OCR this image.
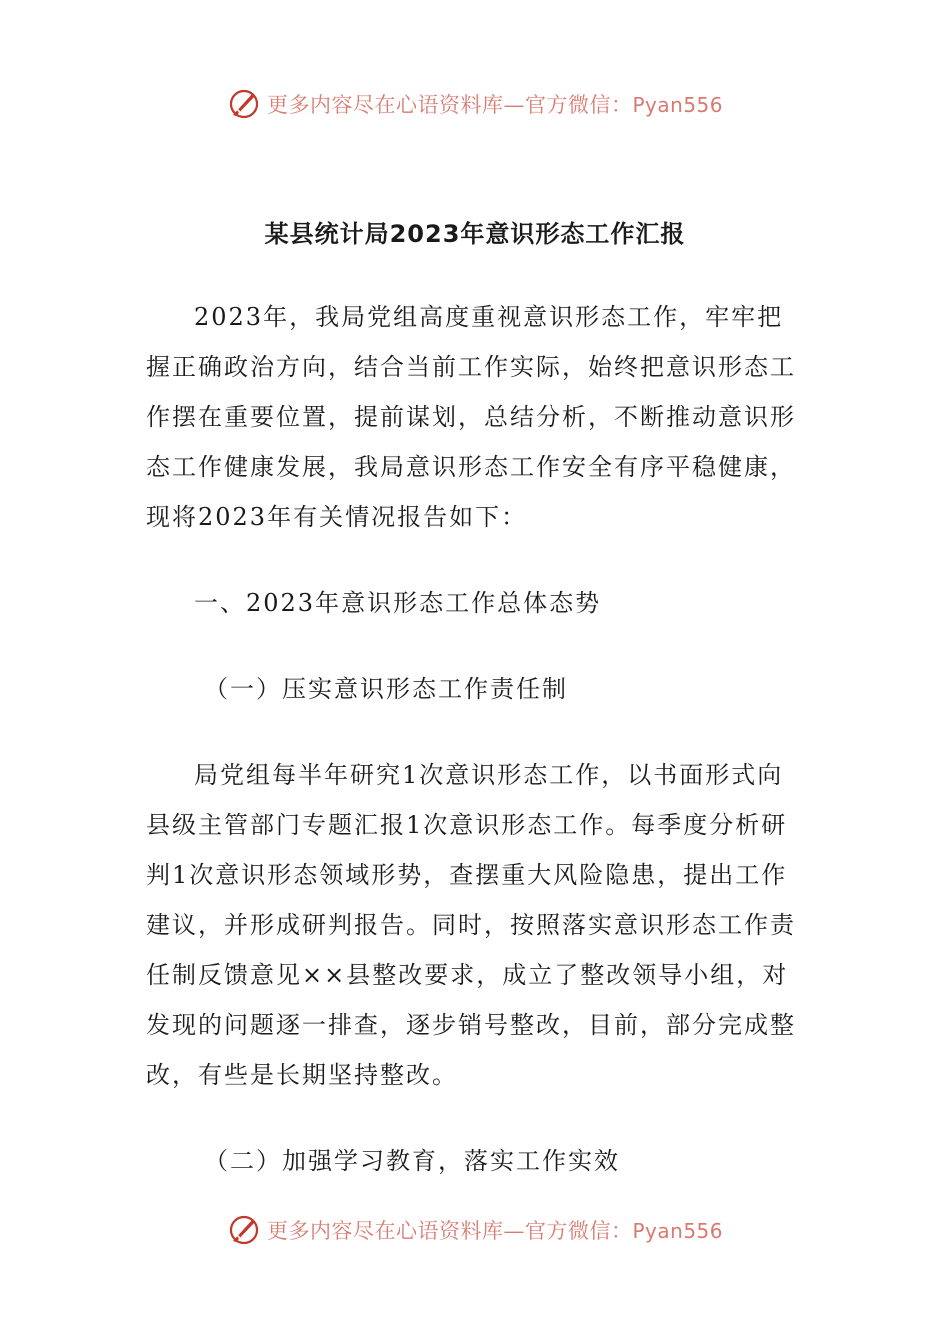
更多内容尽在心语资料库—官方微信：Pyan556
某县统计局2023年意识形态工作汇报

2023年，我局党组高度重视意识形态工作，牢牢把握正确政治方向，结合当前工作实际，始终把意识形态工作摆在重要位置，提前谋划，总结分析，不断推动意识形态工作健康发展，我局意识形态工作安全有序平稳健康，现将2023年有关情况报告如下：

一、2023年意识形态工作总体态势

（一）压实意识形态工作责任制

局党组每半年研究1次意识形态工作，以书面形式向县级主管部门专题汇报1次意识形态工作。每季度分析研判1次意识形态领域形势，查摆重大风险隐患，提出工作建议，并形成研判报告。同时，按照落实意识形态工作责任制反馈意见××县整改要求，成立了整改领导小组，对发现的问题逐一排查，逐步销号整改，目前，部分完成整改，有些是长期坚持整改。

（二）加强学习教育，落实工作实效

更多内容尽在心语资料库—官方微信：Pyan556
